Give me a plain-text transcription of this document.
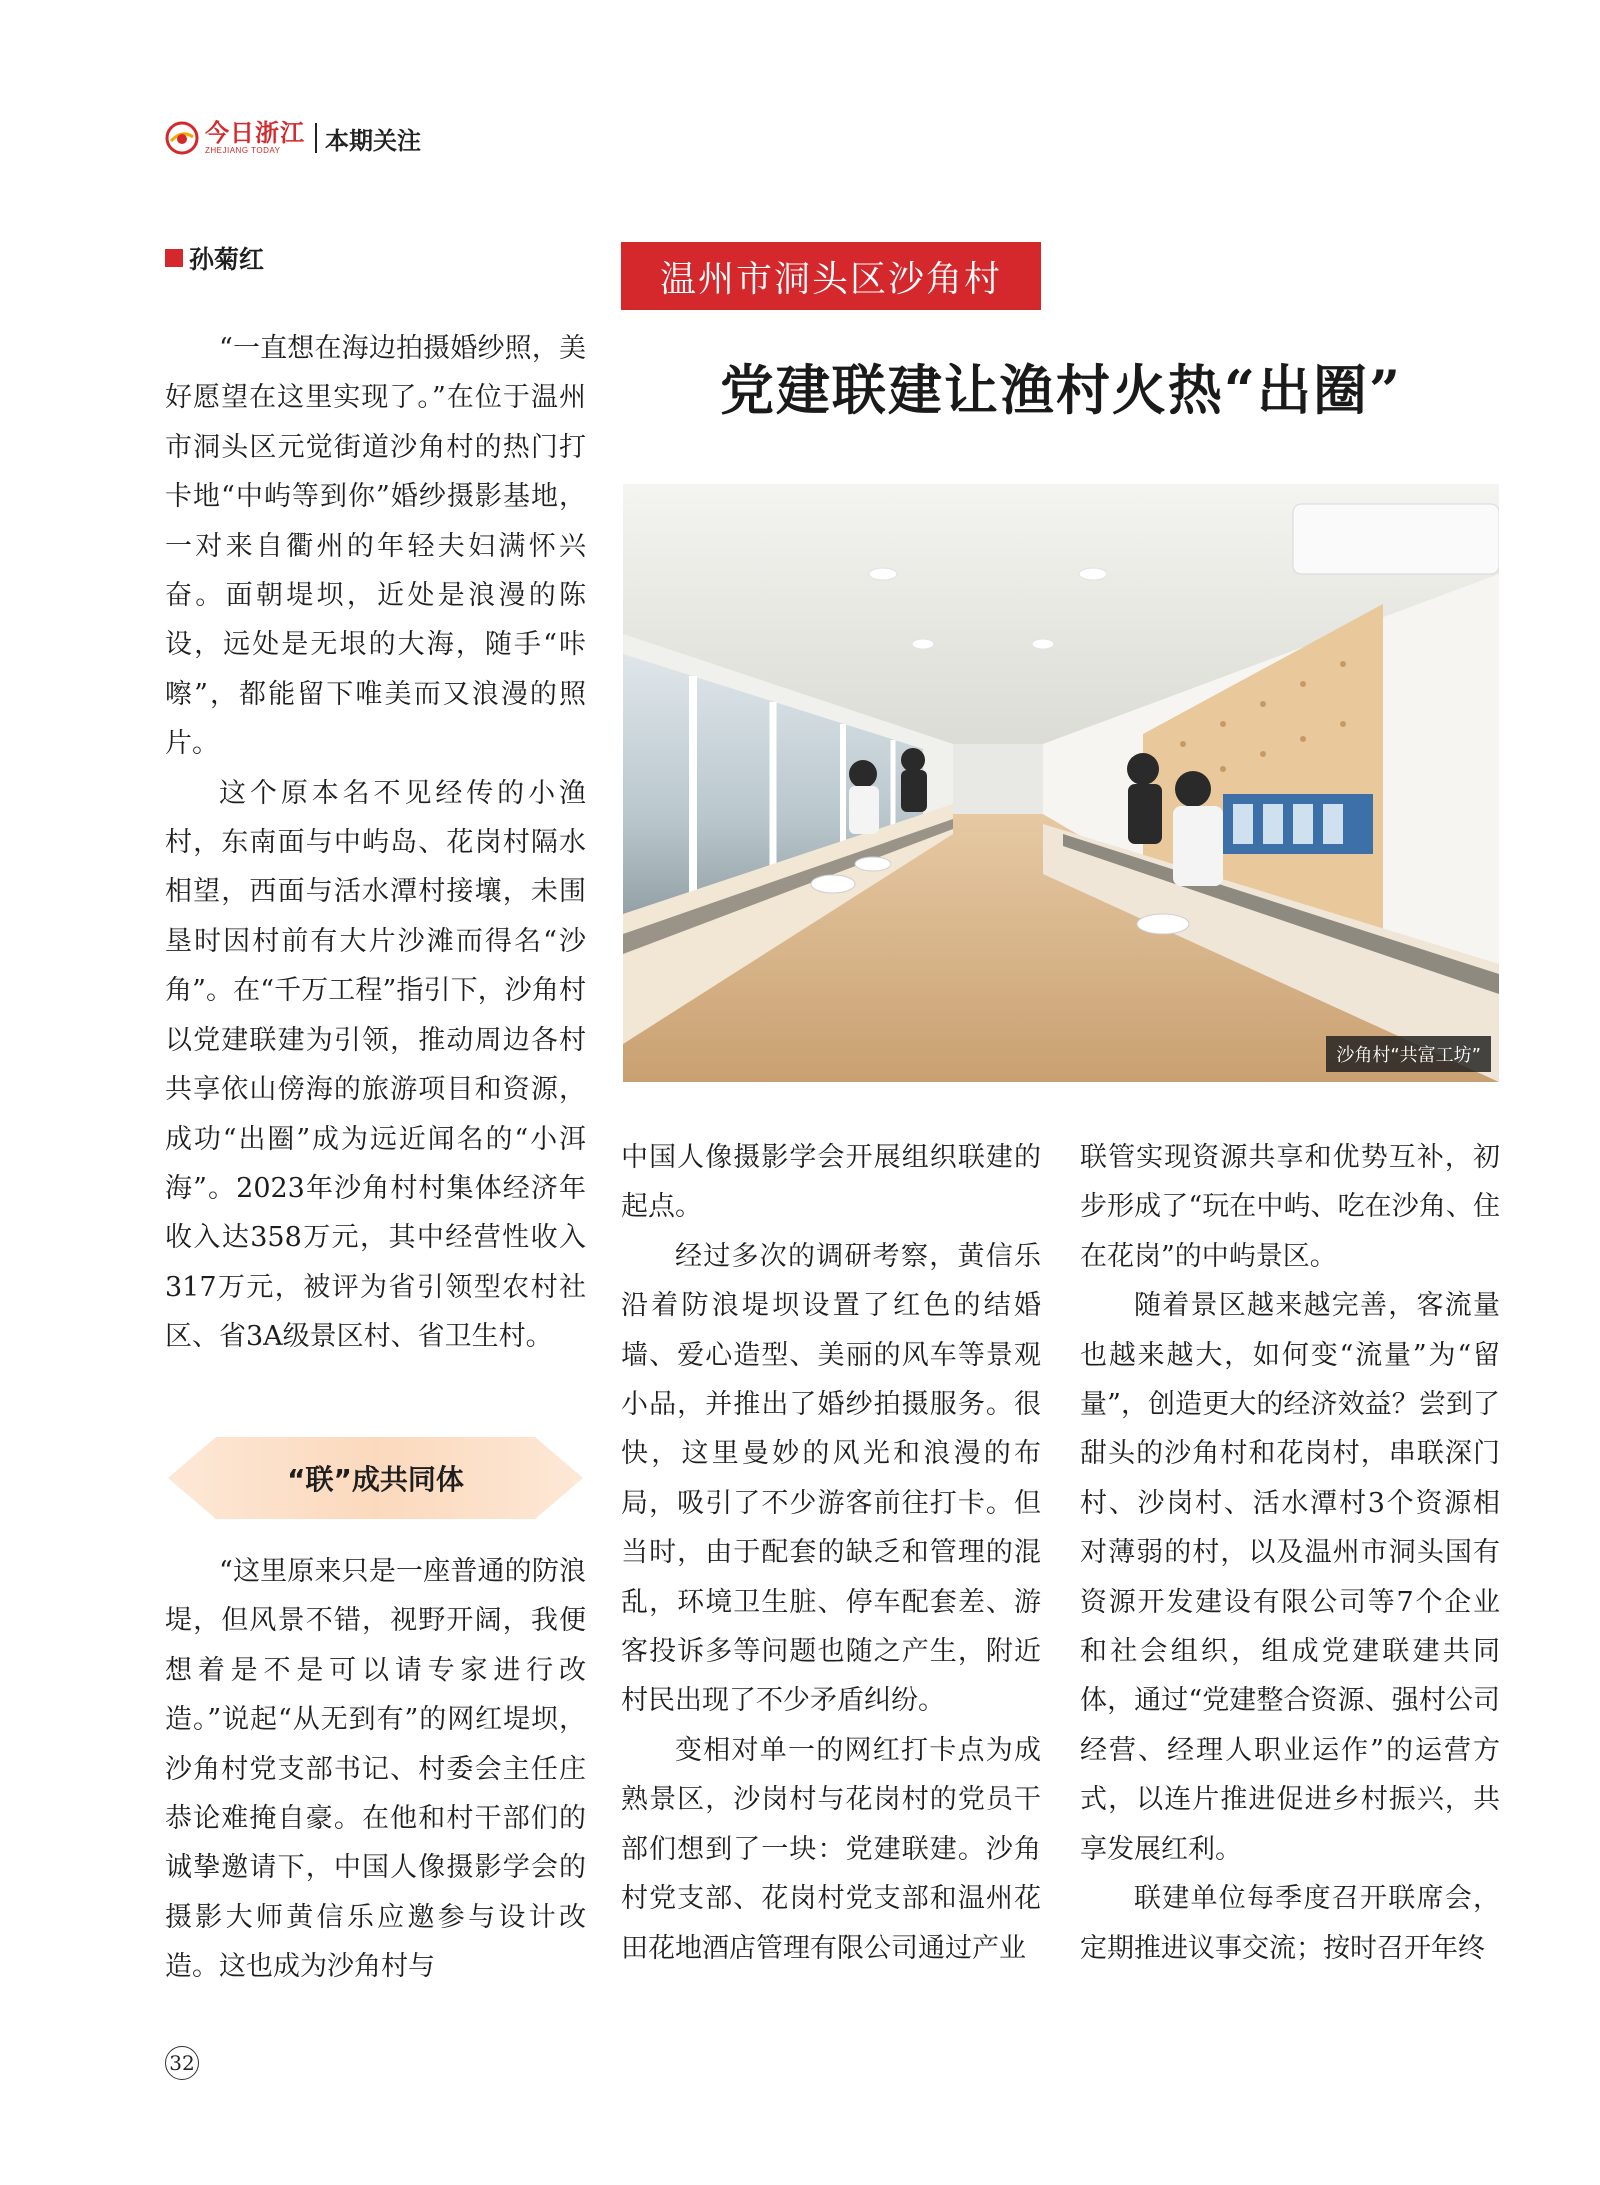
今日浙江
ZHEJIANG TODAY	本期关注
孙菊红	温州市洞头区沙角村
党建联建让渔村火热“出圈”
沙角村“共富工坊”

“一直想在海边拍摄婚纱照，美好愿望在这里实现了。”在位于温州市洞头区元觉街道沙角村的热门打卡地“中屿等到你”婚纱摄影基地，一对来自衢州的年轻夫妇满怀兴奋。面朝堤坝，近处是浪漫的陈设，远处是无垠的大海，随手“咔嚓”，都能留下唯美而又浪漫的照片。

这个原本名不见经传的小渔村，东南面与中屿岛、花岗村隔水相望，西面与活水潭村接壤，未围垦时因村前有大片沙滩而得名“沙角”。在“千万工程”指引下，沙角村以党建联建为引领，推动周边各村共享依山傍海的旅游项目和资源，成功“出圈”成为远近闻名的“小洱海”。2023年沙角村村集体经济年收入达358万元，其中经营性收入317万元，被评为省引领型农村社区、省3A级景区村、省卫生村。

“联”成共同体

“这里原来只是一座普通的防浪堤，但风景不错，视野开阔，我便想着是不是可以请专家进行改造。”说起“从无到有”的网红堤坝，沙角村党支部书记、村委会主任庄恭论难掩自豪。在他和村干部们的诚挚邀请下，中国人像摄影学会的摄影大师黄信乐应邀参与设计改造。这也成为沙角村与

中国人像摄影学会开展组织联建的起点。

经过多次的调研考察，黄信乐沿着防浪堤坝设置了红色的结婚墙、爱心造型、美丽的风车等景观小品，并推出了婚纱拍摄服务。很快，这里曼妙的风光和浪漫的布局，吸引了不少游客前往打卡。但当时，由于配套的缺乏和管理的混乱，环境卫生脏、停车配套差、游客投诉多等问题也随之产生，附近村民出现了不少矛盾纠纷。

变相对单一的网红打卡点为成熟景区，沙岗村与花岗村的党员干部们想到了一块：党建联建。沙角村党支部、花岗村党支部和温州花田花地酒店管理有限公司通过产业

联管实现资源共享和优势互补，初步形成了“玩在中屿、吃在沙角、住在花岗”的中屿景区。

随着景区越来越完善，客流量也越来越大，如何变“流量”为“留量”，创造更大的经济效益？尝到了甜头的沙角村和花岗村，串联深门村、沙岗村、活水潭村3个资源相对薄弱的村，以及温州市洞头国有资源开发建设有限公司等7个企业和社会组织，组成党建联建共同体，通过“党建整合资源、强村公司经营、经理人职业运作”的运营方式，以连片推进促进乡村振兴，共享发展红利。

联建单位每季度召开联席会，定期推进议事交流；按时召开年终

32
